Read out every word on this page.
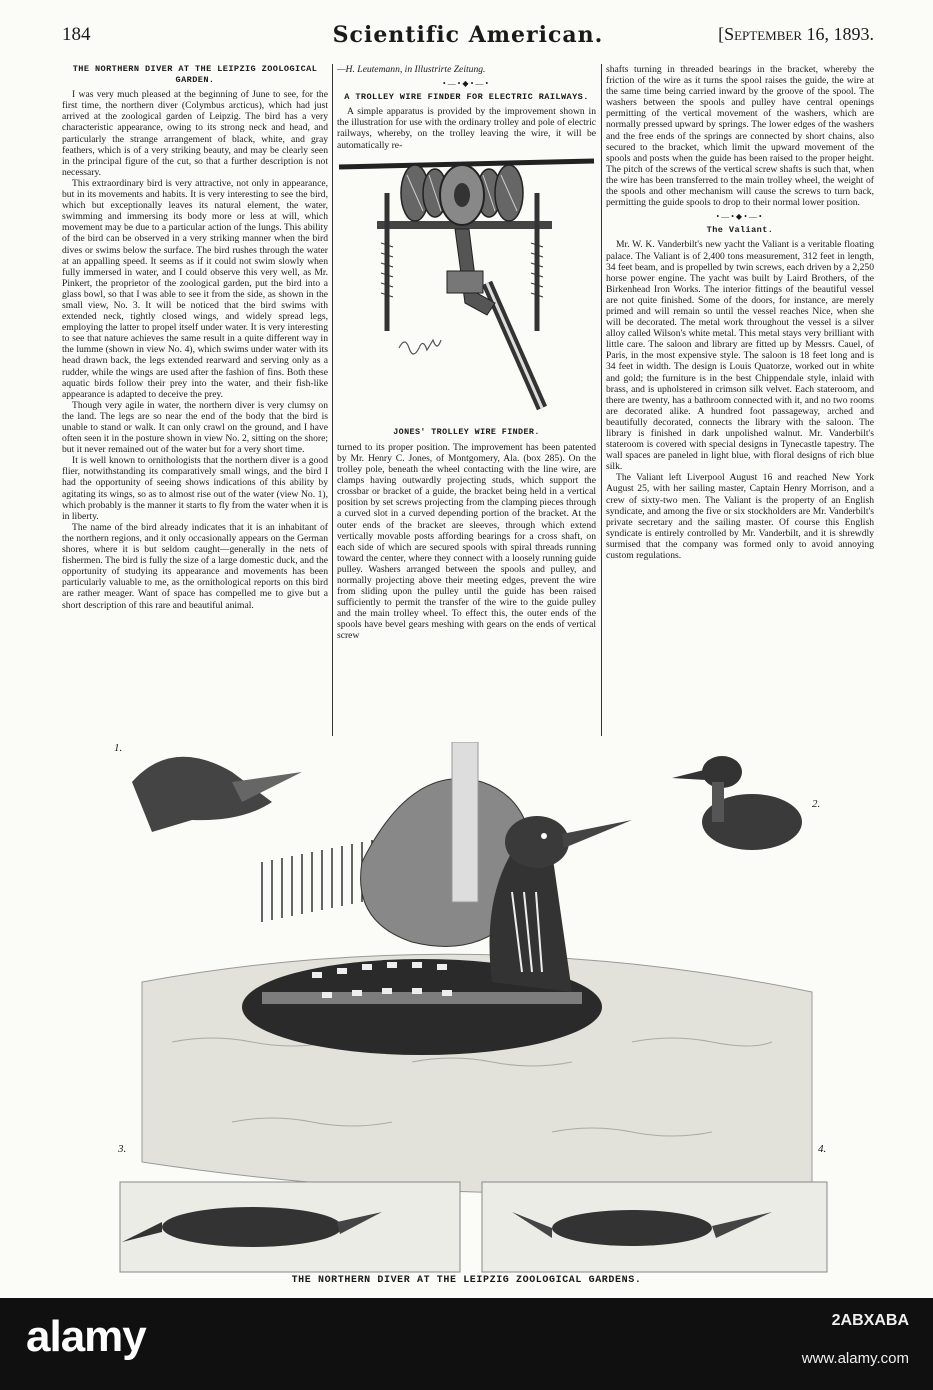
184	Scientific American.	[September 16, 1893.
THE NORTHERN DIVER AT THE LEIPZIG ZOOLOGICAL GARDEN.

I was very much pleased at the beginning of June to see, for the first time, the northern diver (Colymbus arcticus), which had just arrived at the zoological garden of Leipzig. The bird has a very characteristic appearance, owing to its strong neck and head, and particularly the strange arrangement of black, white, and gray feathers, which is of a very striking beauty, and may be clearly seen in the principal figure of the cut, so that a further description is not necessary.

This extraordinary bird is very attractive, not only in appearance, but in its movements and habits. It is very interesting to see the bird, which but exceptionally leaves its natural element, the water, swimming and immersing its body more or less at will, which movement may be due to a particular action of the lungs. This ability of the bird can be observed in a very striking manner when the bird dives or swims below the surface. The bird rushes through the water at an appalling speed. It seems as if it could not swim slowly when fully immersed in water, and I could observe this very well, as Mr. Pinkert, the proprietor of the zoological garden, put the bird into a glass bowl, so that I was able to see it from the side, as shown in the small view, No. 3. It will be noticed that the bird swims with extended neck, tightly closed wings, and widely spread legs, employing the latter to propel itself under water. It is very interesting to see that nature achieves the same result in a quite different way in the lumme (shown in view No. 4), which swims under water with its head drawn back, the legs extended rearward and serving only as a rudder, while the wings are used after the fashion of fins. Both these aquatic birds follow their prey into the water, and their fish-like appearance is adapted to deceive the prey.

Though very agile in water, the northern diver is very clumsy on the land. The legs are so near the end of the body that the bird is unable to stand or walk. It can only crawl on the ground, and I have often seen it in the posture shown in view No. 2, sitting on the shore; but it never remained out of the water but for a very short time.

It is well known to ornithologists that the northern diver is a good flier, notwithstanding its comparatively small wings, and the bird I had the opportunity of seeing shows indications of this ability by agitating its wings, so as to almost rise out of the water (view No. 1), which probably is the manner it starts to fly from the water when it is in liberty.

The name of the bird already indicates that it is an inhabitant of the northern regions, and it only occasionally appears on the German shores, where it is but seldom caught—generally in the nets of fishermen. The bird is fully the size of a large domestic duck, and the opportunity of studying its appearance and movements has been particularly valuable to me, as the ornithological reports on this bird are rather meager. Want of space has compelled me to give but a short description of this rare and beautiful animal.

—H. Leutemann, in Illustrirte Zeitung.

•—•◆•—•
A TROLLEY WIRE FINDER FOR ELECTRIC RAILWAYS.

A simple apparatus is provided by the improvement shown in the illustration for use with the ordinary trolley and pole of electric railways, whereby, on the trolley leaving the wire, it will be automatically re-

JONES' TROLLEY WIRE FINDER.

turned to its proper position. The improvement has been patented by Mr. Henry C. Jones, of Montgomery, Ala. (box 285). On the trolley pole, beneath the wheel contacting with the line wire, are clamps having outwardly projecting studs, which support the crossbar or bracket of a guide, the bracket being held in a vertical position by set screws projecting from the clamping pieces through a curved slot in a curved depending portion of the bracket. At the outer ends of the bracket are sleeves, through which extend vertically movable posts affording bearings for a cross shaft, on each side of which are secured spools with spiral threads running toward the center, where they connect with a loosely running guide pulley. Washers arranged between the spools and pulley, and normally projecting above their meeting edges, prevent the wire from sliding upon the pulley until the guide has been raised sufficiently to permit the transfer of the wire to the guide pulley and the main trolley wheel. To effect this, the outer ends of the spools have bevel gears meshing with gears on the ends of vertical screw

shafts turning in threaded bearings in the bracket, whereby the friction of the wire as it turns the spool raises the guide, the wire at the same time being carried inward by the groove of the spool. The washers between the spools and pulley have central openings permitting of the vertical movement of the washers, which are normally pressed upward by springs. The lower edges of the washers and the free ends of the springs are connected by short chains, also secured to the bracket, which limit the upward movement of the spools and posts when the guide has been raised to the proper height. The pitch of the screws of the vertical screw shafts is such that, when the wire has been transferred to the main trolley wheel, the weight of the spools and other mechanism will cause the screws to turn back, permitting the guide spools to drop to their normal lower position.

•—•◆•—•
The Valiant.

Mr. W. K. Vanderbilt's new yacht the Valiant is a veritable floating palace. The Valiant is of 2,400 tons measurement, 312 feet in length, 34 feet beam, and is propelled by twin screws, each driven by a 2,250 horse power engine. The yacht was built by Laird Brothers, of the Birkenhead Iron Works. The interior fittings of the beautiful vessel are not quite finished. Some of the doors, for instance, are merely primed and will remain so until the vessel reaches Nice, when she will be decorated. The metal work throughout the vessel is a silver alloy called Wilson's white metal. This metal stays very brilliant with little care. The saloon and library are fitted up by Messrs. Cauel, of Paris, in the most expensive style. The saloon is 18 feet long and is 34 feet in width. The design is Louis Quatorze, worked out in white and gold; the furniture is in the best Chippendale style, inlaid with brass, and is upholstered in crimson silk velvet. Each stateroom, and there are twenty, has a bathroom connected with it, and no two rooms are decorated alike. A hundred foot passageway, arched and beautifully decorated, connects the library with the saloon. The library is finished in dark unpolished walnut. Mr. Vanderbilt's stateroom is covered with special designs in Tynecastle tapestry. The wall spaces are paneled in light blue, with floral designs of rich blue silk.

The Valiant left Liverpool August 16 and reached New York August 25, with her sailing master, Captain Henry Morrison, and a crew of sixty-two men. The Valiant is the property of an English syndicate, and among the five or six stockholders are Mr. Vanderbilt's private secretary and the sailing master. Of course this English syndicate is entirely controlled by Mr. Vanderbilt, and it is shrewdly surmised that the company was formed only to avoid annoying custom regulations.

1.
2.
3.	4.
THE NORTHERN DIVER AT THE LEIPZIG ZOOLOGICAL GARDENS.
alamy	2ABXABA
www.alamy.com
